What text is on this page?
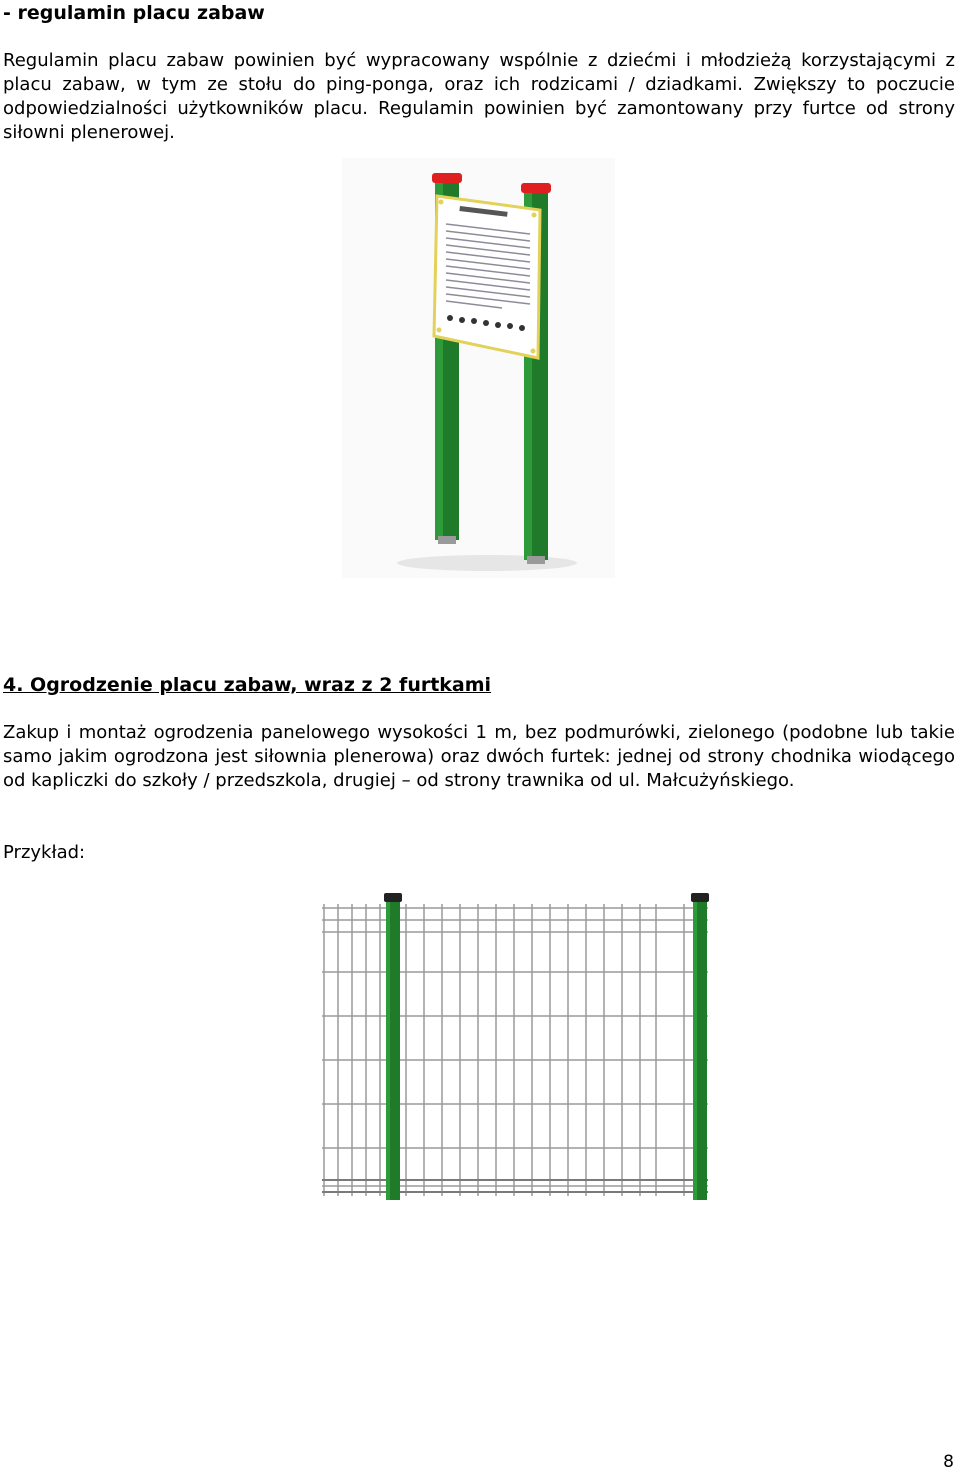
- regulamin placu zabaw

Regulamin placu zabaw powinien być wypracowany wspólnie z dziećmi i młodzieżą korzystającymi z placu zabaw, w tym ze stołu do ping-ponga, oraz ich rodzicami / dziadkami. Zwiększy to poczucie odpowiedzialności użytkowników placu. Regulamin powinien być zamontowany przy furtce od strony siłowni plenerowej.

4. Ogrodzenie placu zabaw, wraz z 2 furtkami

Zakup i montaż ogrodzenia panelowego wysokości 1 m, bez podmurówki, zielonego (podobne lub takie samo jakim ogrodzona jest siłownia plenerowa) oraz dwóch furtek: jednej od strony chodnika wiodącego od kapliczki do szkoły / przedszkola, drugiej – od strony trawnika od ul. Małcużyńskiego.

Przykład:

8
